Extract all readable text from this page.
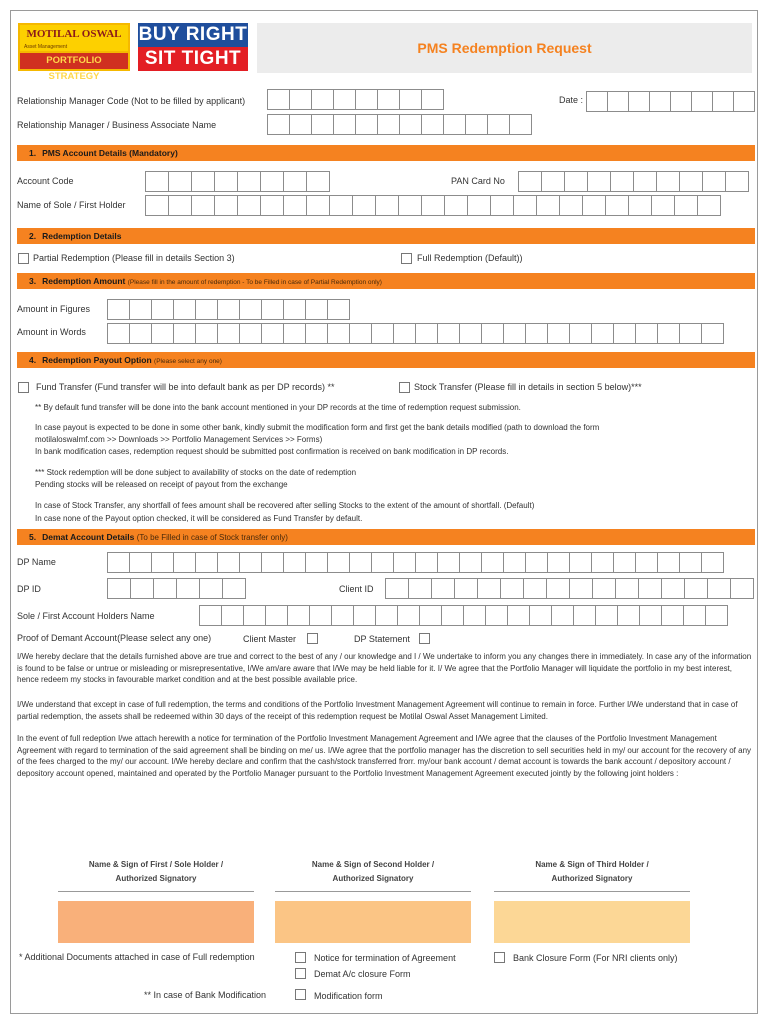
MOTILAL OSWAL
Asset Management
PORTFOLIO STRATEGY
BUY RIGHT
SIT TIGHT	PMS Redemption Request
Relationship Manager Code (Not to be filled by applicant)	Date :
Relationship Manager / Business Associate Name
1. PMS Account Details (Mandatory)
Account Code	PAN Card No
Name of Sole / First Holder
2. Redemption Details
Partial Redemption (Please fill in details Section 3)	Full Redemption (Default))
3. Redemption Amount (Please fill in the amount of redemption - To be Filled in case of Partial Redemption only)
Amount in Figures
Amount in Words
4. Redemption Payout Option (Please select any one)
Fund Transfer (Fund transfer will be into default bank as per DP records) **	Stock Transfer (Please fill in details in section 5 below)***
** By default fund transfer will be done into the bank account mentioned in your DP records at the time of redemption request submission.
In case payout is expected to be done in some other bank, kindly submit the modification form and first get the bank details modified (path to download the form
motilaloswalmf.com >> Downloads >> Portfolio Management Services >> Forms)
In bank modification cases, redemption request should be submitted post confirmation is received on bank modification in DP records.
*** Stock redemption will be done subject to availability of stocks on the date of redemption
Pending stocks will be released on receipt of payout from the exchange
In case of Stock Transfer, any shortfall of fees amount shall be recovered after selling Stocks to the extent of the amount of shortfall. (Default)
In case none of the Payout option checked, it will be considered as Fund Transfer by default.
5. Demat Account Details (To be Filled in case of Stock transfer only)
DP Name
DP ID	Client ID
Sole / First Account Holders Name
Proof of Demant Account(Please select any one)	Client Master	DP Statement
I/We hereby declare that the details furnished above are true and correct to the best of any / our knowledge and I / We undertake to inform you any changes there in immediately. In case any of the information is found to be false or untrue or misleading or misrepresentative, I/We am/are aware that I/We may be held liable for it. I/ We agree that the Portfolio Manager will liquidate the portfolio in my best interest, hence redeem my stocks in favourable market condition and at the best possible available price.
I/We understand that except in case of full redemption, the terms and conditions of the Portfolio Investment Management Agreement will continue to remain in force. Further I/We understand that in case of partial redemption, the assets shall be redeemed within 30 days of the receipt of this redemption request be Motilal Oswal Asset Management Limited.
In the event of full redeption I/we attach herewith a notice for termination of the Portfolio Investment Management Agreement and I/We agree that the clauses of the Portfolio Investment Management Agreement with regard to termination of the said agreement shall be binding on me/ us. I/We agree that the portfolio manager has the discretion to sell securities held in my/ our account for the recovery of any of the fees charged to the my/ our account. I/We hereby declare and confirm that the cash/stock transferred frorr. my/our bank account / demat account is towards the bank account / depository account / depository account opened, maintained and operated by the Portfolio Manager pursuant to the Portfolio Investment Management Agreement executed jointly by the following joint holders :
Name & Sign of First / Sole Holder /
Authorized Signatory
Name & Sign of Second Holder /
Authorized Signatory
Name & Sign of Third Holder /
Authorized Signatory
* Additional Documents attached in case of Full redemption	Notice for termination of Agreement	Bank Closure Form (For NRI clients only)
Demat A/c closure Form
** In case of Bank Modification	Modification form
